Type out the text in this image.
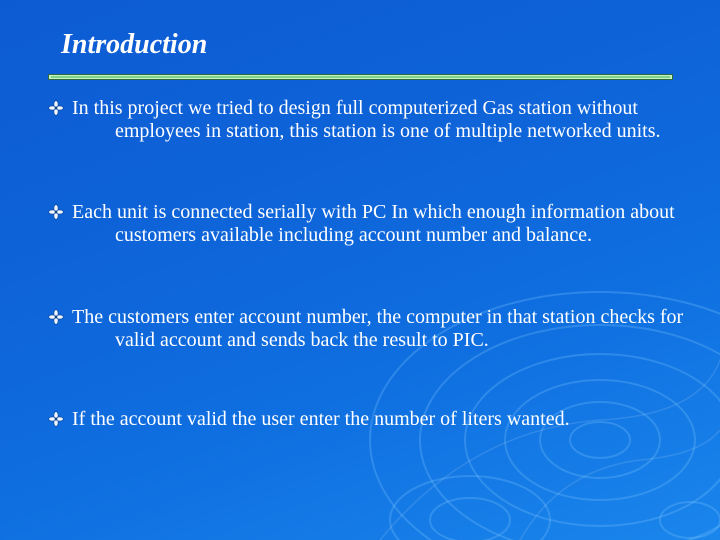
Introduction
In this project we tried to design full computerized Gas station without employees in station, this station is one of multiple networked units.
Each unit is connected serially with PC In which enough information about customers available including account number and balance.
The customers enter account number, the computer in that station checks for valid account and sends back the result to PIC.
If the account valid the user enter the number of liters wanted.
